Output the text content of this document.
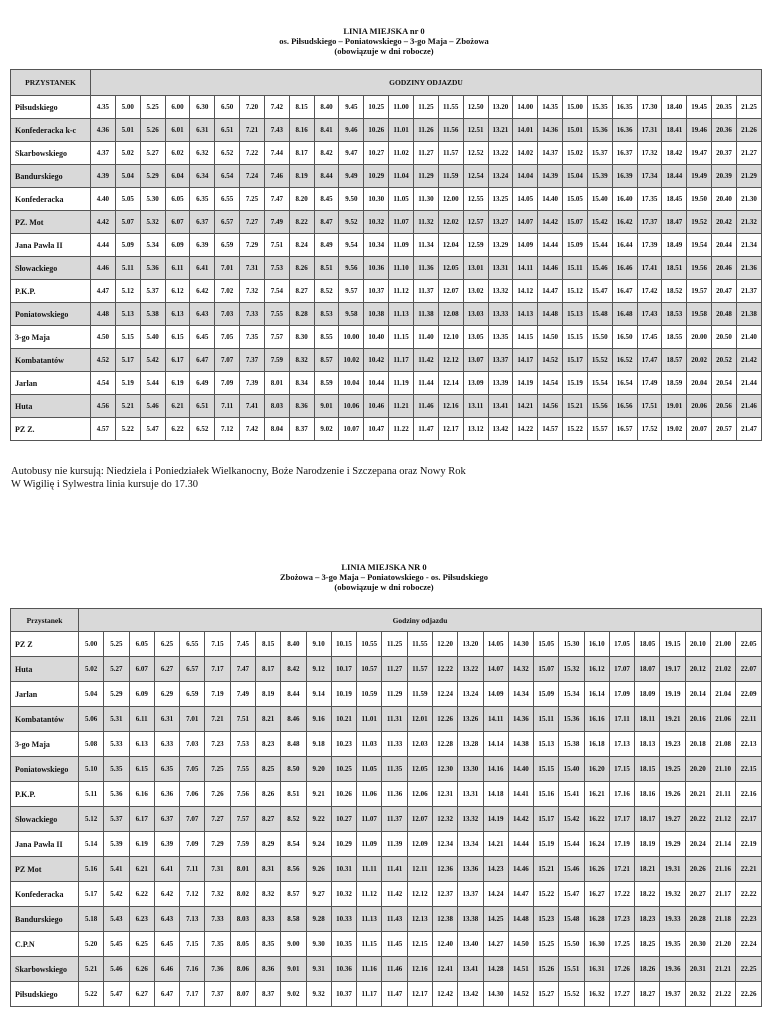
LINIA MIEJSKA nr 0
os. Piłsudskiego – Poniatowskiego – 3-go Maja – Zbożowa
(obowiązuje w dni robocze)
PRZYSTANEK	GODZINY ODJAZDU																										
Piłsudskiego	4.35	5.00	5.25	6.00	6.30	6.50	7.20	7.42	8.15	8.40	9.45	10.25	11.00	11.25	11.55	12.50	13.20	14.00	14.35	15.00	15.35	16.35	17.30	18.40	19.45	20.35	21.25
Konfederacka k-c	4.36	5.01	5.26	6.01	6.31	6.51	7.21	7.43	8.16	8.41	9.46	10.26	11.01	11.26	11.56	12.51	13.21	14.01	14.36	15.01	15.36	16.36	17.31	18.41	19.46	20.36	21.26
Skarbowskiego	4.37	5.02	5.27	6.02	6.32	6.52	7.22	7.44	8.17	8.42	9.47	10.27	11.02	11.27	11.57	12.52	13.22	14.02	14.37	15.02	15.37	16.37	17.32	18.42	19.47	20.37	21.27
Bandurskiego	4.39	5.04	5.29	6.04	6.34	6.54	7.24	7.46	8.19	8.44	9.49	10.29	11.04	11.29	11.59	12.54	13.24	14.04	14.39	15.04	15.39	16.39	17.34	18.44	19.49	20.39	21.29
Konfederacka	4.40	5.05	5.30	6.05	6.35	6.55	7.25	7.47	8.20	8.45	9.50	10.30	11.05	11.30	12.00	12.55	13.25	14.05	14.40	15.05	15.40	16.40	17.35	18.45	19.50	20.40	21.30
PZ. Mot	4.42	5.07	5.32	6.07	6.37	6.57	7.27	7.49	8.22	8.47	9.52	10.32	11.07	11.32	12.02	12.57	13.27	14.07	14.42	15.07	15.42	16.42	17.37	18.47	19.52	20.42	21.32
Jana Pawła II	4.44	5.09	5.34	6.09	6.39	6.59	7.29	7.51	8.24	8.49	9.54	10.34	11.09	11.34	12.04	12.59	13.29	14.09	14.44	15.09	15.44	16.44	17.39	18.49	19.54	20.44	21.34
Słowackiego	4.46	5.11	5.36	6.11	6.41	7.01	7.31	7.53	8.26	8.51	9.56	10.36	11.10	11.36	12.05	13.01	13.31	14.11	14.46	15.11	15.46	16.46	17.41	18.51	19.56	20.46	21.36
P.K.P.	4.47	5.12	5.37	6.12	6.42	7.02	7.32	7.54	8.27	8.52	9.57	10.37	11.12	11.37	12.07	13.02	13.32	14.12	14.47	15.12	15.47	16.47	17.42	18.52	19.57	20.47	21.37
Poniatowskiego	4.48	5.13	5.38	6.13	6.43	7.03	7.33	7.55	8.28	8.53	9.58	10.38	11.13	11.38	12.08	13.03	13.33	14.13	14.48	15.13	15.48	16.48	17.43	18.53	19.58	20.48	21.38
3-go Maja	4.50	5.15	5.40	6.15	6.45	7.05	7.35	7.57	8.30	8.55	10.00	10.40	11.15	11.40	12.10	13.05	13.35	14.15	14.50	15.15	15.50	16.50	17.45	18.55	20.00	20.50	21.40
Kombatantów	4.52	5.17	5.42	6.17	6.47	7.07	7.37	7.59	8.32	8.57	10.02	10.42	11.17	11.42	12.12	13.07	13.37	14.17	14.52	15.17	15.52	16.52	17.47	18.57	20.02	20.52	21.42
Jarlan	4.54	5.19	5.44	6.19	6.49	7.09	7.39	8.01	8.34	8.59	10.04	10.44	11.19	11.44	12.14	13.09	13.39	14.19	14.54	15.19	15.54	16.54	17.49	18.59	20.04	20.54	21.44
Huta	4.56	5.21	5.46	6.21	6.51	7.11	7.41	8.03	8.36	9.01	10.06	10.46	11.21	11.46	12.16	13.11	13.41	14.21	14.56	15.21	15.56	16.56	17.51	19.01	20.06	20.56	21.46
PZ Z.	4.57	5.22	5.47	6.22	6.52	7.12	7.42	8.04	8.37	9.02	10.07	10.47	11.22	11.47	12.17	13.12	13.42	14.22	14.57	15.22	15.57	16.57	17.52	19.02	20.07	20.57	21.47
Autobusy nie kursują: Niedziela i Poniedziałek Wielkanocny, Boże Narodzenie i Szczepana oraz Nowy Rok
W Wigilię i Sylwestra linia kursuje do 17.30
LINIA MIEJSKA NR 0
Zbożowa – 3-go Maja – Poniatowskiego - os. Piłsudskiego
(obowiązuje w dni robocze)
Przystanek	Godziny odjazdu																										
PZ Z	5.00	5.25	6.05	6.25	6.55	7.15	7.45	8.15	8.40	9.10	10.15	10.55	11.25	11.55	12.20	13.20	14.05	14.30	15.05	15.30	16.10	17.05	18.05	19.15	20.10	21.00	22.05
Huta	5.02	5.27	6.07	6.27	6.57	7.17	7.47	8.17	8.42	9.12	10.17	10.57	11.27	11.57	12.22	13.22	14.07	14.32	15.07	15.32	16.12	17.07	18.07	19.17	20.12	21.02	22.07
Jarlan	5.04	5.29	6.09	6.29	6.59	7.19	7.49	8.19	8.44	9.14	10.19	10.59	11.29	11.59	12.24	13.24	14.09	14.34	15.09	15.34	16.14	17.09	18.09	19.19	20.14	21.04	22.09
Kombatantów	5.06	5.31	6.11	6.31	7.01	7.21	7.51	8.21	8.46	9.16	10.21	11.01	11.31	12.01	12.26	13.26	14.11	14.36	15.11	15.36	16.16	17.11	18.11	19.21	20.16	21.06	22.11
3-go Maja	5.08	5.33	6.13	6.33	7.03	7.23	7.53	8.23	8.48	9.18	10.23	11.03	11.33	12.03	12.28	13.28	14.14	14.38	15.13	15.38	16.18	17.13	18.13	19.23	20.18	21.08	22.13
Poniatowskiego	5.10	5.35	6.15	6.35	7.05	7.25	7.55	8.25	8.50	9.20	10.25	11.05	11.35	12.05	12.30	13.30	14.16	14.40	15.15	15.40	16.20	17.15	18.15	19.25	20.20	21.10	22.15
P.K.P.	5.11	5.36	6.16	6.36	7.06	7.26	7.56	8.26	8.51	9.21	10.26	11.06	11.36	12.06	12.31	13.31	14.18	14.41	15.16	15.41	16.21	17.16	18.16	19.26	20.21	21.11	22.16
Słowackiego	5.12	5.37	6.17	6.37	7.07	7.27	7.57	8.27	8.52	9.22	10.27	11.07	11.37	12.07	12.32	13.32	14.19	14.42	15.17	15.42	16.22	17.17	18.17	19.27	20.22	21.12	22.17
Jana Pawła II	5.14	5.39	6.19	6.39	7.09	7.29	7.59	8.29	8.54	9.24	10.29	11.09	11.39	12.09	12.34	13.34	14.21	14.44	15.19	15.44	16.24	17.19	18.19	19.29	20.24	21.14	22.19
PZ Mot	5.16	5.41	6.21	6.41	7.11	7.31	8.01	8.31	8.56	9.26	10.31	11.11	11.41	12.11	12.36	13.36	14.23	14.46	15.21	15.46	16.26	17.21	18.21	19.31	20.26	21.16	22.21
Konfederacka	5.17	5.42	6.22	6.42	7.12	7.32	8.02	8.32	8.57	9.27	10.32	11.12	11.42	12.12	12.37	13.37	14.24	14.47	15.22	15.47	16.27	17.22	18.22	19.32	20.27	21.17	22.22
Bandurskiego	5.18	5.43	6.23	6.43	7.13	7.33	8.03	8.33	8.58	9.28	10.33	11.13	11.43	12.13	12.38	13.38	14.25	14.48	15.23	15.48	16.28	17.23	18.23	19.33	20.28	21.18	22.23
C.P.N	5.20	5.45	6.25	6.45	7.15	7.35	8.05	8.35	9.00	9.30	10.35	11.15	11.45	12.15	12.40	13.40	14.27	14.50	15.25	15.50	16.30	17.25	18.25	19.35	20.30	21.20	22.24
Skarbowskiego	5.21	5.46	6.26	6.46	7.16	7.36	8.06	8.36	9.01	9.31	10.36	11.16	11.46	12.16	12.41	13.41	14.28	14.51	15.26	15.51	16.31	17.26	18.26	19.36	20.31	21.21	22.25
Piłsudskiego	5.22	5.47	6.27	6.47	7.17	7.37	8.07	8.37	9.02	9.32	10.37	11.17	11.47	12.17	12.42	13.42	14.30	14.52	15.27	15.52	16.32	17.27	18.27	19.37	20.32	21.22	22.26
